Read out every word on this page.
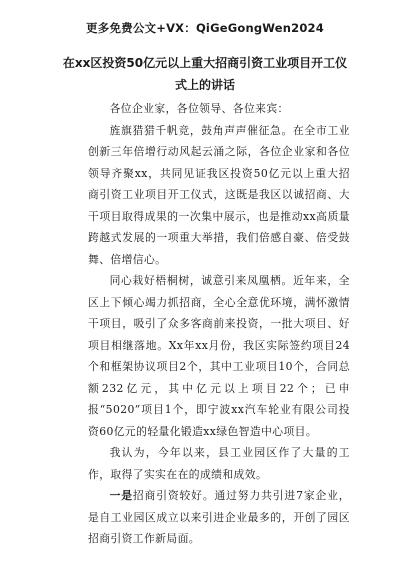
更多免费公文+VX：QiGeGongWen2024
在xx区投资50亿元以上重大招商引资工业项目开工仪式上的讲话

各位企业家，各位领导、各位来宾：

旌旗猎猎千帆竞，鼓角声声催征急。在全市工业创新三年倍增行动风起云涌之际，各位企业家和各位领导齐聚xx，共同见证我区投资50亿元以上重大招商引资工业项目开工仪式，这既是我区以诚招商、大干项目取得成果的一次集中展示，也是推动xx高质量跨越式发展的一项重大举措，我们倍感自豪、倍受鼓舞、倍增信心。

同心栽好梧桐树，诚意引来凤凰栖。近年来，全区上下倾心竭力抓招商，全心全意优环境，满怀激情干项目，吸引了众多客商前来投资，一批大项目、好项目相继落地。Xx年xx月份，我区实际签约项目24个和框架协议项目2个，其中工业项目10个，合同总额232亿元，其中亿元以上项目22个；已申报“5020”项目1个，即宁波xx汽车轮业有限公司投资60亿元的轻量化锻造xx绿色智造中心项目。

我认为，今年以来，县工业园区作了大量的工作，取得了实实在在的成绩和成效。

一是招商引资较好。通过努力共引进7家企业，是自工业园区成立以来引进企业最多的，开创了园区招商引资工作新局面。
